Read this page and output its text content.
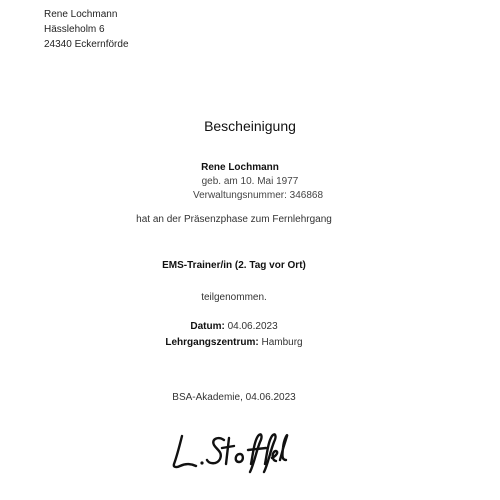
Rene Lochmann
Hässleholm 6
24340 Eckernförde
Bescheinigung
Rene Lochmann
geb. am 10. Mai 1977
Verwaltungsnummer: 346868
hat an der Präsenzphase zum Fernlehrgang
EMS-Trainer/in (2. Tag vor Ort)
teilgenommen.
Datum: 04.06.2023
Lehrgangszentrum: Hamburg
BSA-Akademie, 04.06.2023
